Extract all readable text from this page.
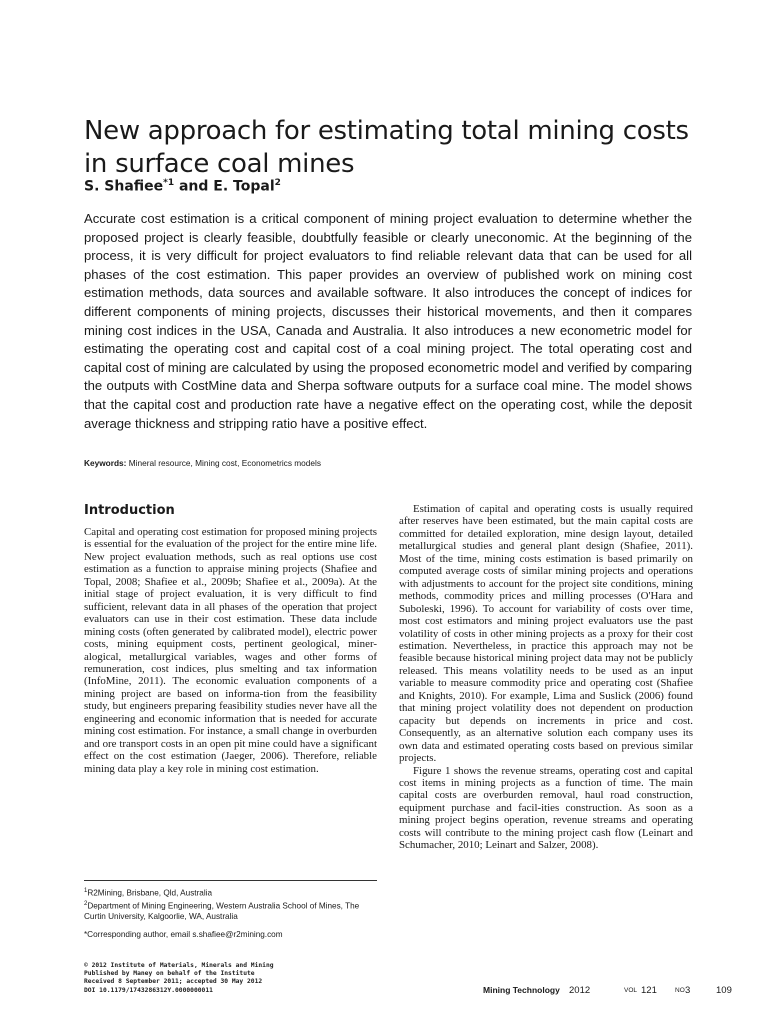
New approach for estimating total mining costs in surface coal mines
S. Shafiee$^{*1}$ and E. Topal$^2$

Accurate cost estimation is a critical component of mining project evaluation to determine whether the proposed project is clearly feasible, doubtfully feasible or clearly uneconomic. At the beginning of the process, it is very difficult for project evaluators to find reliable relevant data that can be used for all phases of the cost estimation. This paper provides an overview of published work on mining cost estimation methods, data sources and available software. It also introduces the concept of indices for different components of mining projects, discusses their historical movements, and then it compares mining cost indices in the USA, Canada and Australia. It also introduces a new econometric model for estimating the operating cost and capital cost of a coal mining project. The total operating cost and capital cost of mining are calculated by using the proposed econometric model and verified by comparing the outputs with CostMine data and Sherpa software outputs for a surface coal mine. The model shows that the capital cost and production rate have a negative effect on the operating cost, while the deposit average thickness and stripping ratio have a positive effect.

Keywords: Mineral resource, Mining cost, Econometrics models
Introduction

Capital and operating cost estimation for proposed mining projects is essential for the evaluation of the project for the entire mine life. New project evaluation methods, such as real options use cost estimation as a function to appraise mining projects (Shafiee and Topal, 2008; Shafiee et al., 2009b; Shafiee et al., 2009a). At the initial stage of project evaluation, it is very difficult to find sufficient, relevant data in all phases of the operation that project evaluators can use in their cost estimation. These data include mining costs (often generated by calibrated model), electric power costs, mining equipment costs, pertinent geological, miner-alogical, metallurgical variables, wages and other forms of remuneration, cost indices, plus smelting and tax information (InfoMine, 2011). The economic evaluation components of a mining project are based on informa-tion from the feasibility study, but engineers preparing feasibility studies never have all the engineering and economic information that is needed for accurate mining cost estimation. For instance, a small change in overburden and ore transport costs in an open pit mine could have a significant effect on the cost estimation (Jaeger, 2006). Therefore, reliable mining data play a key role in mining cost estimation.

Estimation of capital and operating costs is usually required after reserves have been estimated, but the main capital costs are committed for detailed exploration, mine design layout, detailed metallurgical studies and general plant design (Shafiee, 2011). Most of the time, mining costs estimation is based primarily on computed average costs of similar mining projects and operations with adjustments to account for the project site conditions, mining methods, commodity prices and milling processes (O'Hara and Suboleski, 1996). To account for variability of costs over time, most cost estimators and mining project evaluators use the past volatility of costs in other mining projects as a proxy for their cost estimation. Nevertheless, in practice this approach may not be feasible because historical mining project data may not be publicly released. This means volatility needs to be used as an input variable to measure commodity price and operating cost (Shafiee and Knights, 2010). For example, Lima and Suslick (2006) found that mining project volatility does not dependent on production capacity but depends on increments in price and cost. Consequently, as an alternative solution each company uses its own data and estimated operating costs based on previous similar projects.

Figure 1 shows the revenue streams, operating cost and capital cost items in mining projects as a function of time. The main capital costs are overburden removal, haul road construction, equipment purchase and facil-ities construction. As soon as a mining project begins operation, revenue streams and operating costs will contribute to the mining project cash flow (Leinart and Schumacher, 2010; Leinart and Salzer, 2008).

$^1$R2Mining, Brisbane, Qld, Australia

$^2$Department of Mining Engineering, Western Australia School of Mines, The Curtin University, Kalgoorlie, WA, Australia

*Corresponding author, email s.shafiee@r2mining.com

© 2012 Institute of Materials, Minerals and Mining
Published by Maney on behalf of the Institute
Received 8 September 2011; accepted 30 May 2012
DOI 10.1179/1743286312Y.0000000011	Mining Technology 2012	VOL 121	NO 3	109
